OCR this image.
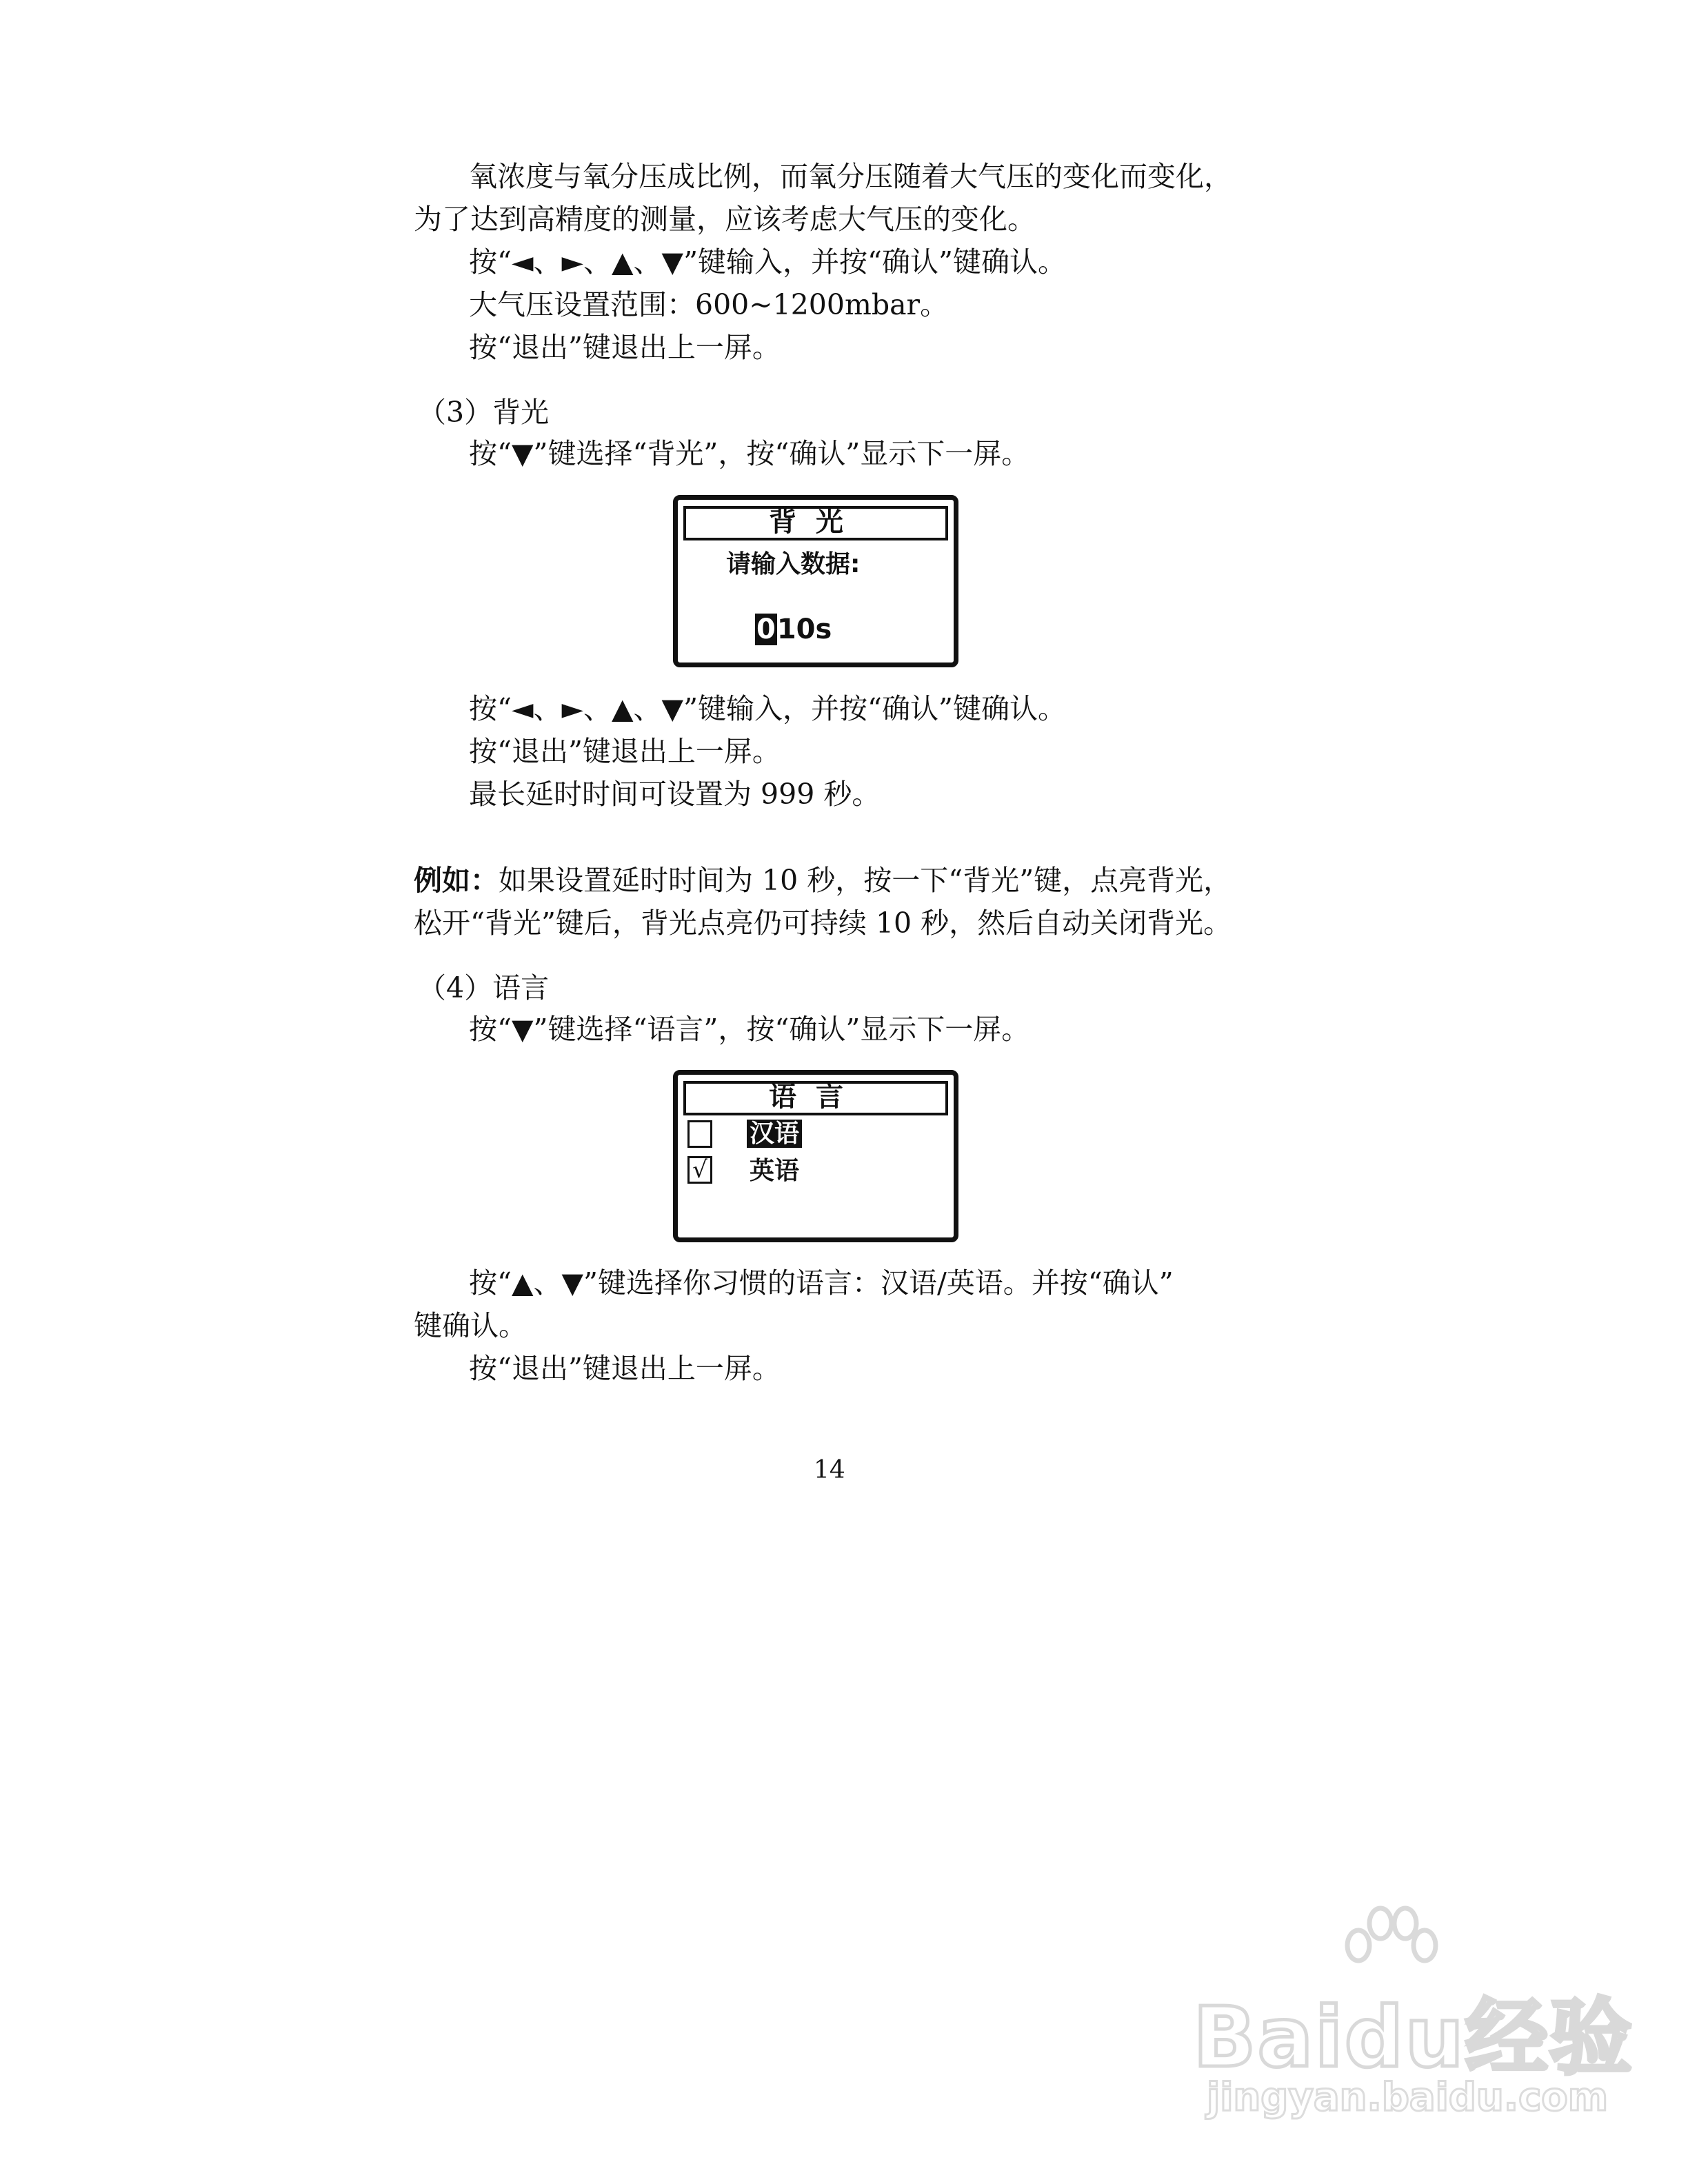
氧浓度与氧分压成比例，而氧分压随着大气压的变化而变化，
为了达到高精度的测量，应该考虑大气压的变化。
按“◄、►、▲、▼”键输入，并按“确认”键确认。
大气压设置范围：600~1200mbar。
按“退出”键退出上一屏。
（3）背光
按“▼”键选择“背光”，按“确认”显示下一屏。
背光
请输入数据:
010s
按“◄、►、▲、▼”键输入，并按“确认”键确认。
按“退出”键退出上一屏。
最长延时时间可设置为 999 秒。
例如：如果设置延时时间为 10 秒，按一下“背光”键，点亮背光，
松开“背光”键后，背光点亮仍可持续 10 秒，然后自动关闭背光。
（4）语言
按“▼”键选择“语言”，按“确认”显示下一屏。
语言
汉语
√ 英语
按“▲、▼”键选择你习惯的语言：汉语/英语。并按“确认”
键确认。
按“退出”键退出上一屏。
14
Baidu经验
jingyan.baidu.com
